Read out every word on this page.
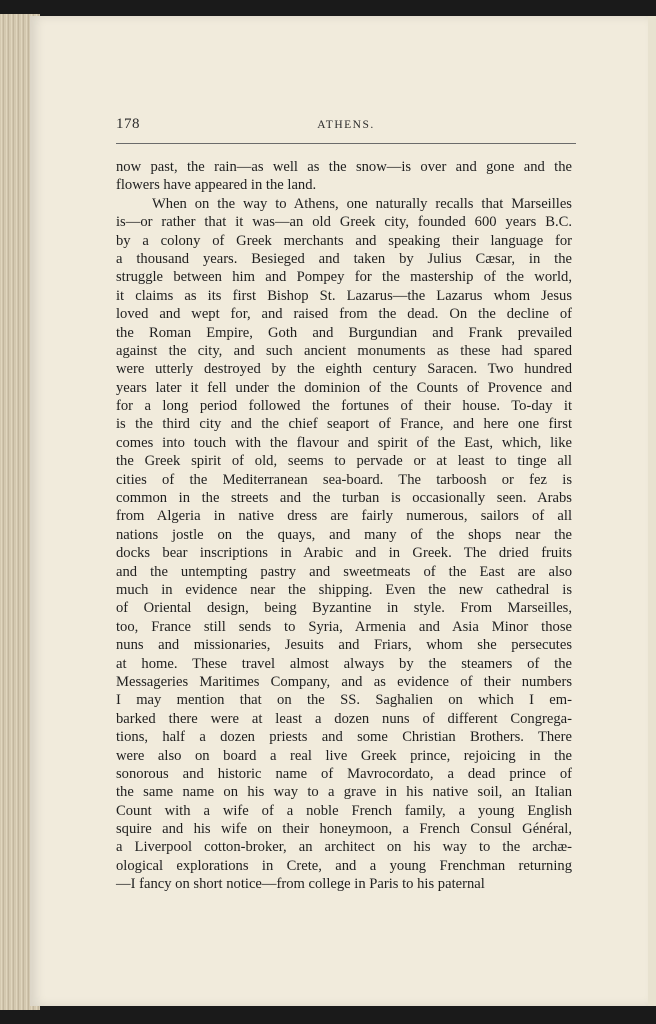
178	ATHENS.
now past, the rain—as well as the snow—is over and gone and the
flowers have appeared in the land.
When on the way to Athens, one naturally recalls that Marseilles
is—or rather that it was—an old Greek city, founded 600 years B.C.
by a colony of Greek merchants and speaking their language for
a thousand years. Besieged and taken by Julius Cæsar, in the
struggle between him and Pompey for the mastership of the world,
it claims as its first Bishop St. Lazarus—the Lazarus whom Jesus
loved and wept for, and raised from the dead. On the decline of
the Roman Empire, Goth and Burgundian and Frank prevailed
against the city, and such ancient monuments as these had spared
were utterly destroyed by the eighth century Saracen. Two hundred
years later it fell under the dominion of the Counts of Provence and
for a long period followed the fortunes of their house. To-day it
is the third city and the chief seaport of France, and here one first
comes into touch with the flavour and spirit of the East, which, like
the Greek spirit of old, seems to pervade or at least to tinge all
cities of the Mediterranean sea-board. The tarboosh or fez is
common in the streets and the turban is occasionally seen. Arabs
from Algeria in native dress are fairly numerous, sailors of all
nations jostle on the quays, and many of the shops near the
docks bear inscriptions in Arabic and in Greek. The dried fruits
and the untempting pastry and sweetmeats of the East are also
much in evidence near the shipping. Even the new cathedral is
of Oriental design, being Byzantine in style. From Marseilles,
too, France still sends to Syria, Armenia and Asia Minor those
nuns and missionaries, Jesuits and Friars, whom she persecutes
at home. These travel almost always by the steamers of the
Messageries Maritimes Company, and as evidence of their numbers
I may mention that on the SS. Saghalien on which I em-
barked there were at least a dozen nuns of different Congrega-
tions, half a dozen priests and some Christian Brothers. There
were also on board a real live Greek prince, rejoicing in the
sonorous and historic name of Mavrocordato, a dead prince of
the same name on his way to a grave in his native soil, an Italian
Count with a wife of a noble French family, a young English
squire and his wife on their honeymoon, a French Consul Général,
a Liverpool cotton-broker, an architect on his way to the archæ-
ological explorations in Crete, and a young Frenchman returning
—I fancy on short notice—from college in Paris to his paternal
